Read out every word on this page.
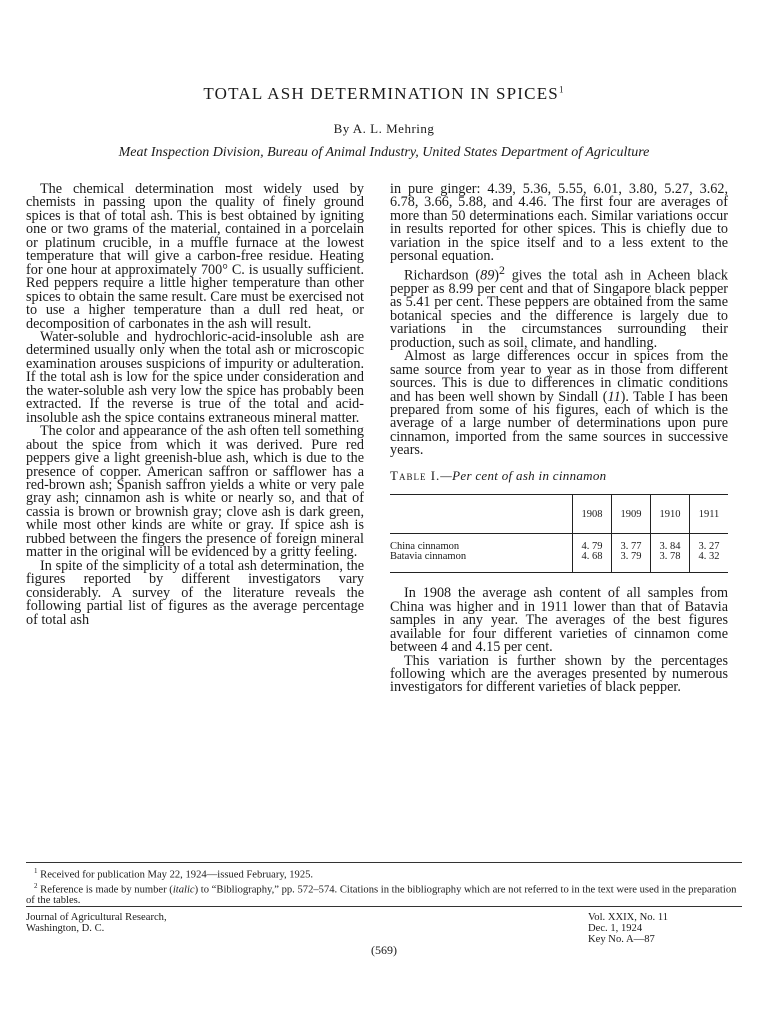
TOTAL ASH DETERMINATION IN SPICES$^1$
By A. L. Mehring
Meat Inspection Division, Bureau of Animal Industry, United States Department of Agriculture

The chemical determination most widely used by chemists in passing upon the quality of finely ground spices is that of total ash. This is best obtained by igniting one or two grams of the material, contained in a porcelain or platinum crucible, in a muffle furnace at the lowest temperature that will give a carbon-free residue. Heating for one hour at approximately 700° C. is usually sufficient. Red peppers require a little higher temperature than other spices to obtain the same result. Care must be exercised not to use a higher temperature than a dull red heat, or decomposition of carbonates in the ash will result.

Water-soluble and hydrochloric-acid-insoluble ash are determined usually only when the total ash or microscopic examination arouses suspicions of impurity or adulteration. If the total ash is low for the spice under consideration and the water-soluble ash very low the spice has probably been extracted. If the reverse is true of the total and acid-insoluble ash the spice contains extraneous mineral matter.

The color and appearance of the ash often tell something about the spice from which it was derived. Pure red peppers give a light greenish-blue ash, which is due to the presence of copper. American saffron or safflower has a red-brown ash; Spanish saffron yields a white or very pale gray ash; cinnamon ash is white or nearly so, and that of cassia is brown or brownish gray; clove ash is dark green, while most other kinds are white or gray. If spice ash is rubbed between the fingers the presence of foreign mineral matter in the original will be evidenced by a gritty feeling.

In spite of the simplicity of a total ash determination, the figures reported by different investigators vary considerably. A survey of the literature reveals the following partial list of figures as the average percentage of total ash

in pure ginger: 4.39, 5.36, 5.55, 6.01, 3.80, 5.27, 3.62, 6.78, 3.66, 5.88, and 4.46. The first four are averages of more than 50 determinations each. Similar variations occur in results reported for other spices. This is chiefly due to variation in the spice itself and to a less extent to the personal equation.

Richardson $(89)^2$ gives the total ash in Acheen black pepper as 8.99 per cent and that of Singapore black pepper as 5.41 per cent. These peppers are obtained from the same botanical species and the difference is largely due to variations in the circumstances surrounding their production, such as soil, climate, and handling.

Almost as large differences occur in spices from the same source from year to year as in those from different sources. This is due to differences in climatic conditions and has been well shown by Sindall (11). Table I has been prepared from some of his figures, each of which is the average of a large number of determinations upon pure cinnamon, imported from the same sources in successive years.

Table I.—Per cent of ash in cinnamon
	1908	1909	1910	1911
China cinnamon	4. 79	3. 77	3. 84	3. 27
Batavia cinnamon	4. 68	3. 79	3. 78	4. 32

In 1908 the average ash content of all samples from China was higher and in 1911 lower than that of Batavia samples in any year. The averages of the best figures available for four different varieties of cinnamon come between 4 and 4.15 per cent.

This variation is further shown by the percentages following which are the averages presented by numerous investigators for different varieties of black pepper.

$^1$ Received for publication May 22, 1924—issued February, 1925.
$^2$ Reference is made by number (italic) to “Bibliography,” pp. 572–574. Citations in the bibliography which are not referred to in the text were used in the preparation of the tables.
Journal of Agricultural Research,
Washington, D. C.
Vol. XXIX, No. 11
Dec. 1, 1924
Key No. A—87
(569)
